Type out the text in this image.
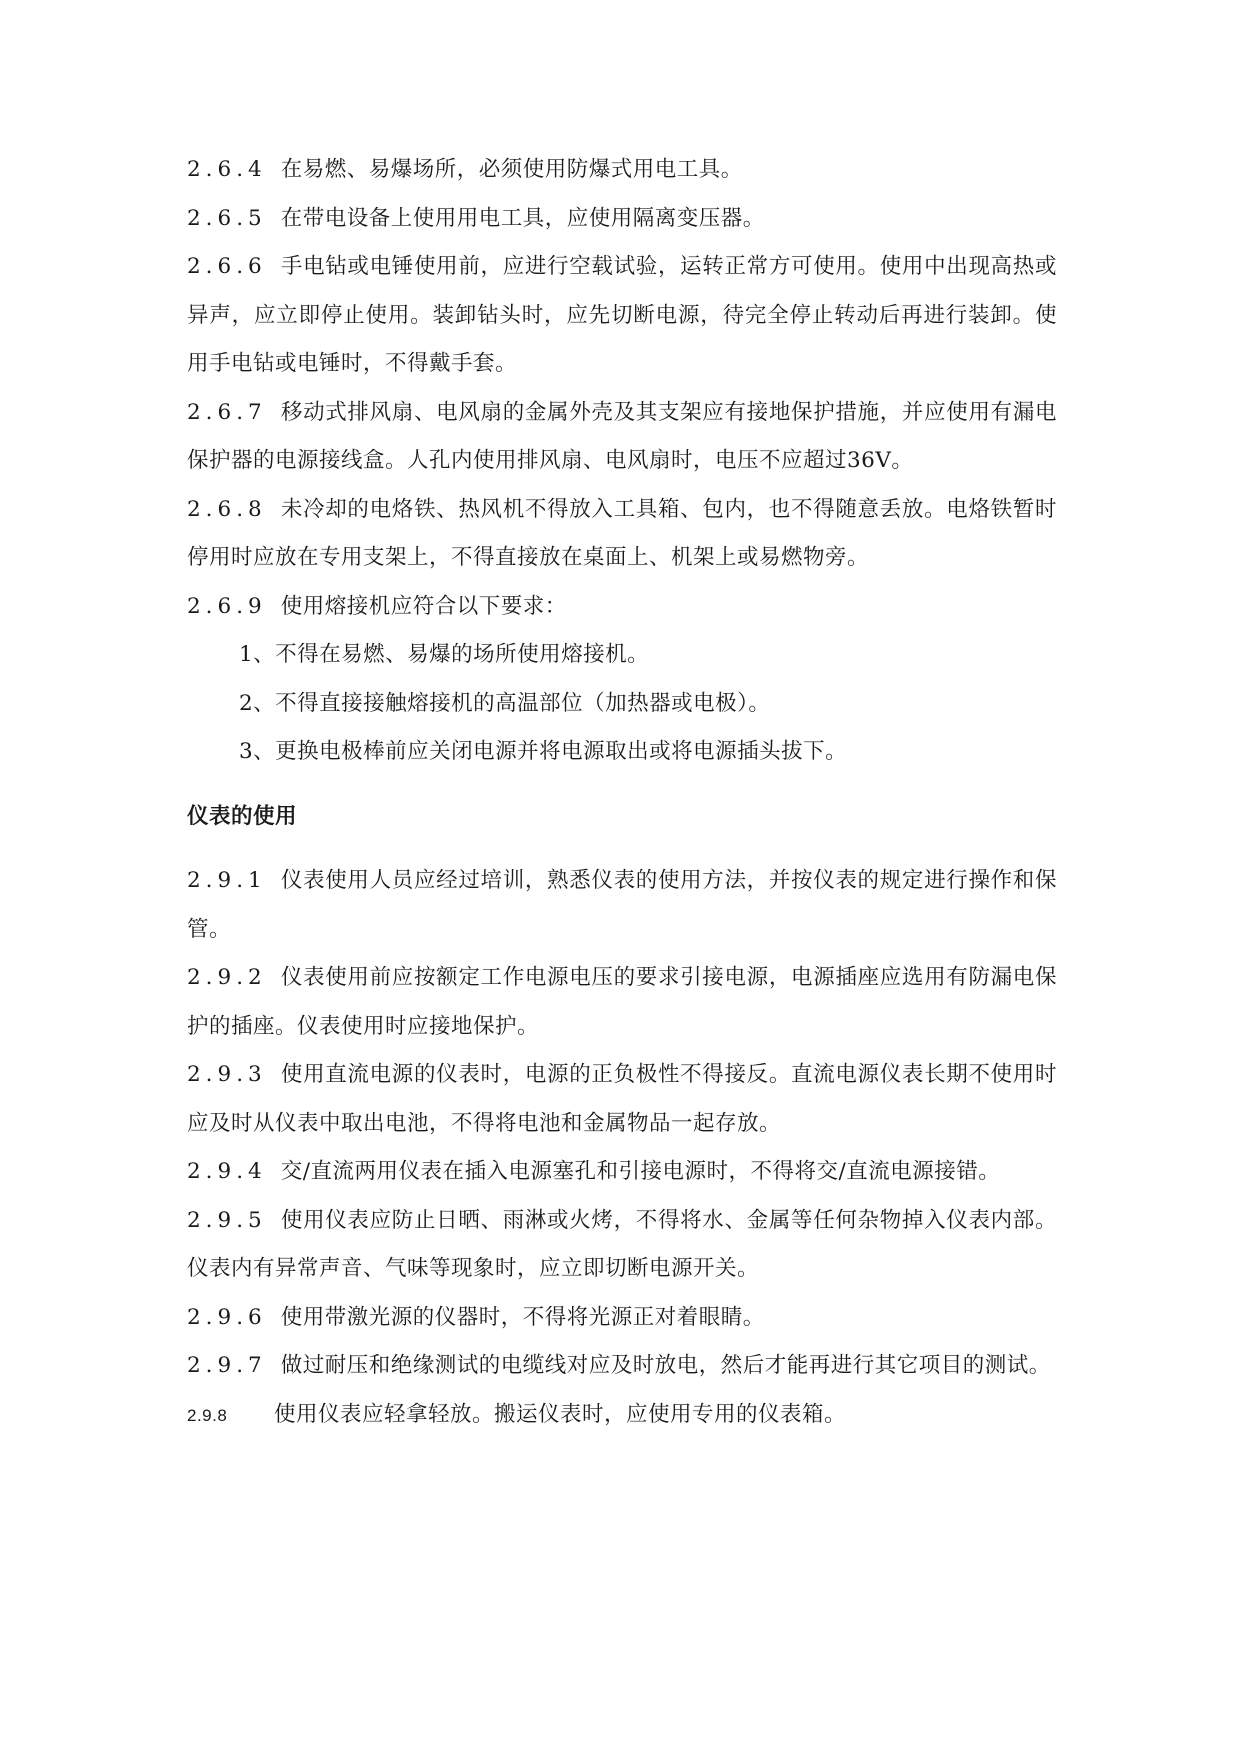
2.6.4 在易燃、易爆场所，必须使用防爆式用电工具。

2.6.5 在带电设备上使用用电工具，应使用隔离变压器。

2.6.6 手电钻或电锤使用前，应进行空载试验，运转正常方可使用。使用中出现高热或异声，应立即停止使用。装卸钻头时，应先切断电源，待完全停止转动后再进行装卸。使用手电钻或电锤时，不得戴手套。

2.6.7 移动式排风扇、电风扇的金属外壳及其支架应有接地保护措施，并应使用有漏电保护器的电源接线盒。人孔内使用排风扇、电风扇时，电压不应超过36V。

2.6.8 未冷却的电烙铁、热风机不得放入工具箱、包内，也不得随意丢放。电烙铁暂时停用时应放在专用支架上，不得直接放在桌面上、机架上或易燃物旁。

2.6.9 使用熔接机应符合以下要求：

1、不得在易燃、易爆的场所使用熔接机。

2、不得直接接触熔接机的高温部位（加热器或电极）。

3、更换电极棒前应关闭电源并将电源取出或将电源插头拔下。

仪表的使用

2.9.1 仪表使用人员应经过培训，熟悉仪表的使用方法，并按仪表的规定进行操作和保管。

2.9.2 仪表使用前应按额定工作电源电压的要求引接电源，电源插座应选用有防漏电保护的插座。仪表使用时应接地保护。

2.9.3 使用直流电源的仪表时，电源的正负极性不得接反。直流电源仪表长期不使用时应及时从仪表中取出电池，不得将电池和金属物品一起存放。

2.9.4 交/直流两用仪表在插入电源塞孔和引接电源时，不得将交/直流电源接错。

2.9.5 使用仪表应防止日晒、雨淋或火烤，不得将水、金属等任何杂物掉入仪表内部。仪表内有异常声音、气味等现象时，应立即切断电源开关。

2.9.6 使用带激光源的仪器时，不得将光源正对着眼睛。

2.9.7 做过耐压和绝缘测试的电缆线对应及时放电，然后才能再进行其它项目的测试。

2.9.8 使用仪表应轻拿轻放。搬运仪表时，应使用专用的仪表箱。
